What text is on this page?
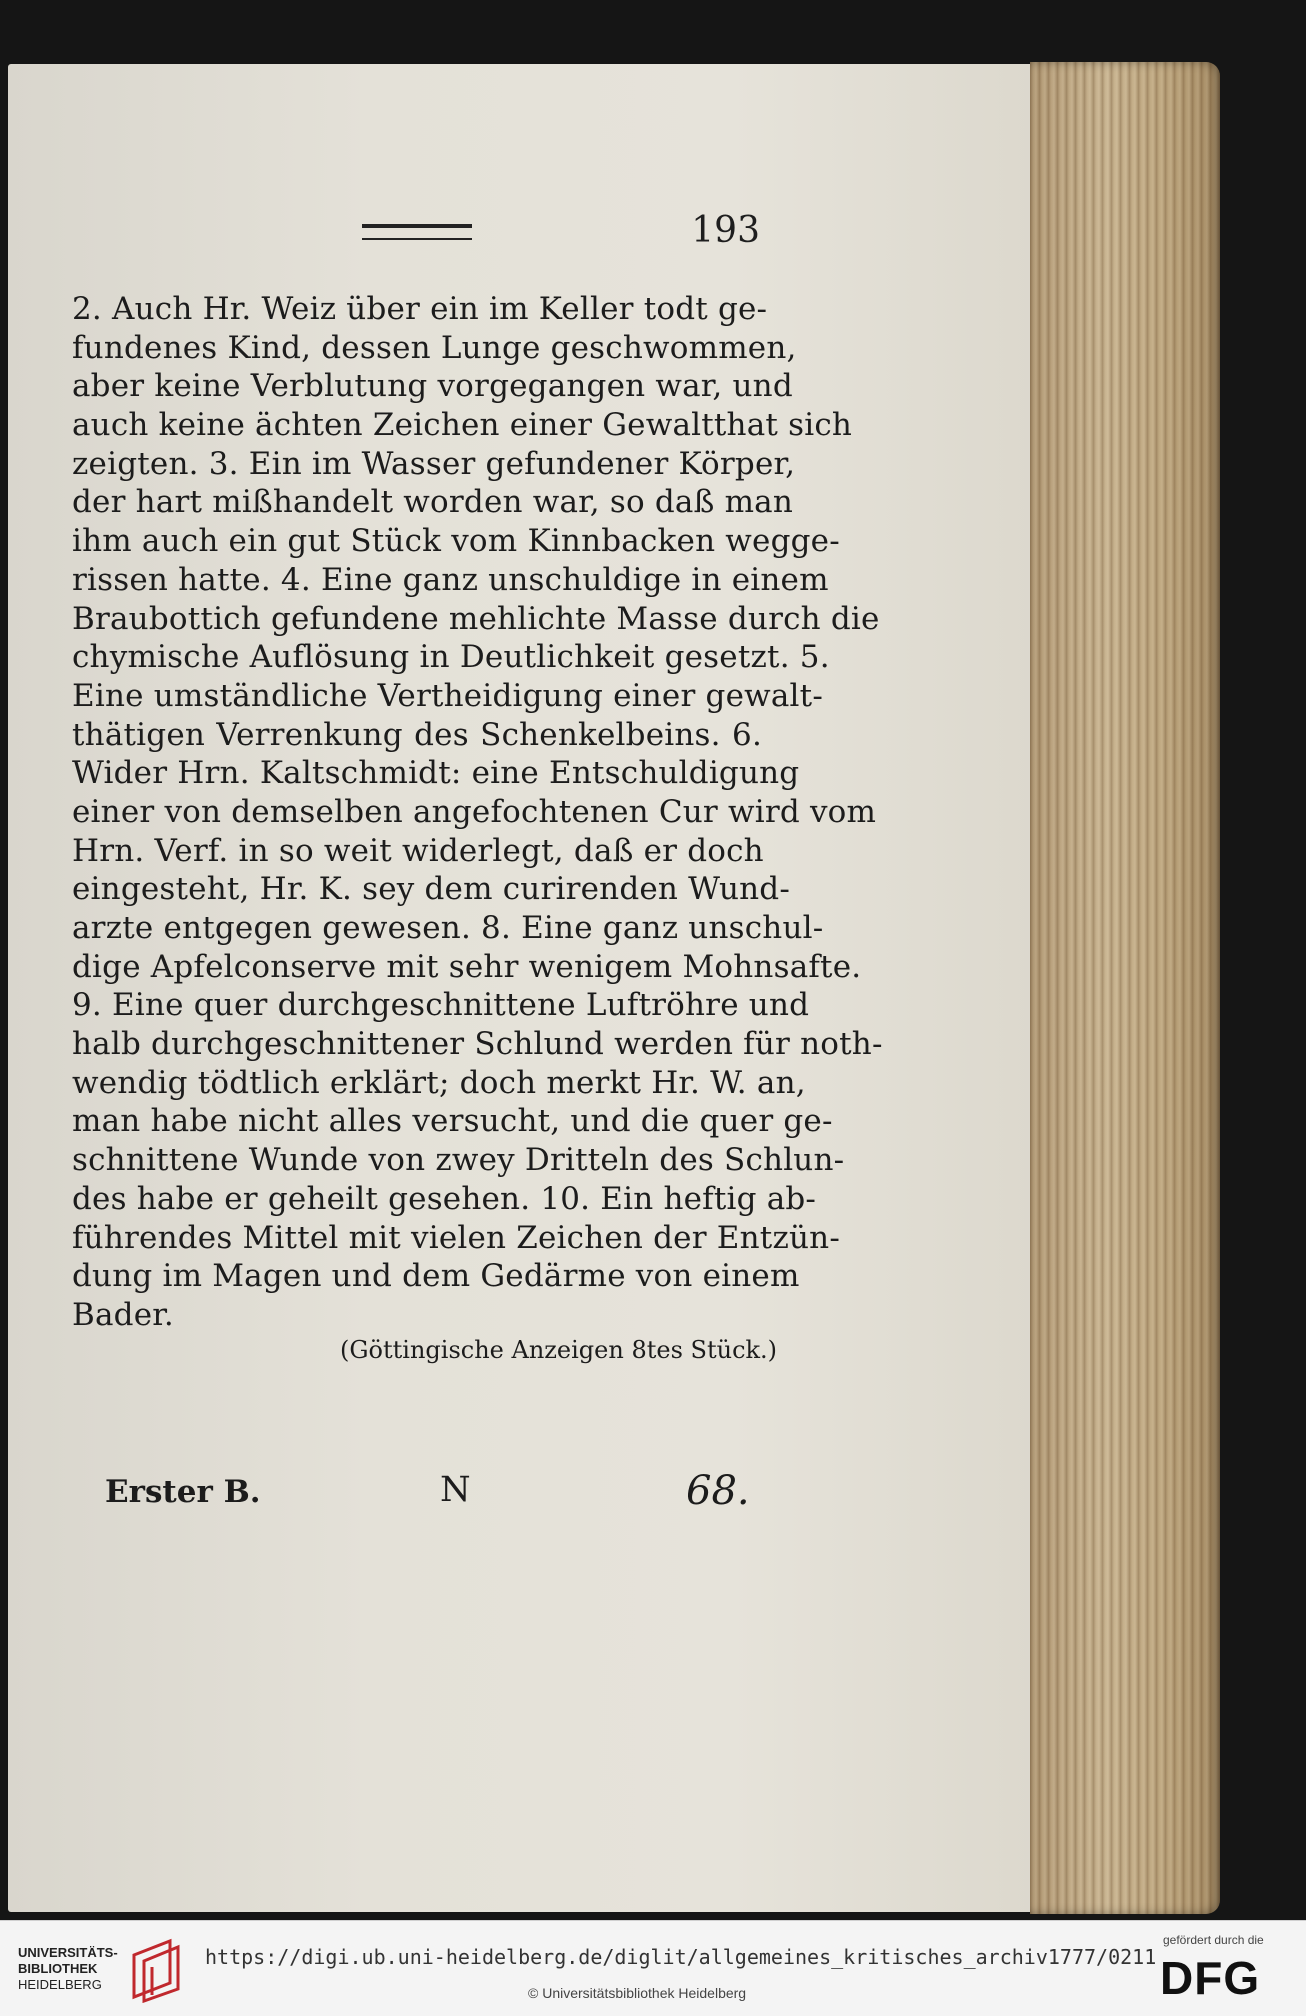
193
2. Auch Hr. Weiz über ein im Keller todt ge-
fundenes Kind, dessen Lunge geschwommen,
aber keine Verblutung vorgegangen war, und
auch keine ächten Zeichen einer Gewaltthat sich
zeigten. 3. Ein im Wasser gefundener Körper,
der hart mißhandelt worden war, so daß man
ihm auch ein gut Stück vom Kinnbacken wegge-
rissen hatte. 4. Eine ganz unschuldige in einem
Braubottich gefundene mehlichte Masse durch die
chymische Auflösung in Deutlichkeit gesetzt. 5.
Eine umständliche Vertheidigung einer gewalt-
thätigen Verrenkung des Schenkelbeins. 6.
Wider Hrn. Kaltschmidt: eine Entschuldigung
einer von demselben angefochtenen Cur wird vom
Hrn. Verf. in so weit widerlegt, daß er doch
eingesteht, Hr. K. sey dem curirenden Wund-
arzte entgegen gewesen. 8. Eine ganz unschul-
dige Apfelconserve mit sehr wenigem Mohnsafte.
9. Eine quer durchgeschnittene Luftröhre und
halb durchgeschnittener Schlund werden für noth-
wendig tödtlich erklärt; doch merkt Hr. W. an,
man habe nicht alles versucht, und die quer ge-
schnittene Wunde von zwey Dritteln des Schlun-
des habe er geheilt gesehen. 10. Ein heftig ab-
führendes Mittel mit vielen Zeichen der Entzün-
dung im Magen und dem Gedärme von einem
Bader.
(Göttingische Anzeigen 8tes Stück.)
Erster B.	N	68.
UNIVERSITÄTS-
BIBLIOTHEK
HEIDELBERG
https://digi.ub.uni-heidelberg.de/diglit/allgemeines_kritisches_archiv1777/0211
© Universitätsbibliothek Heidelberg
gefördert durch die
DFG
